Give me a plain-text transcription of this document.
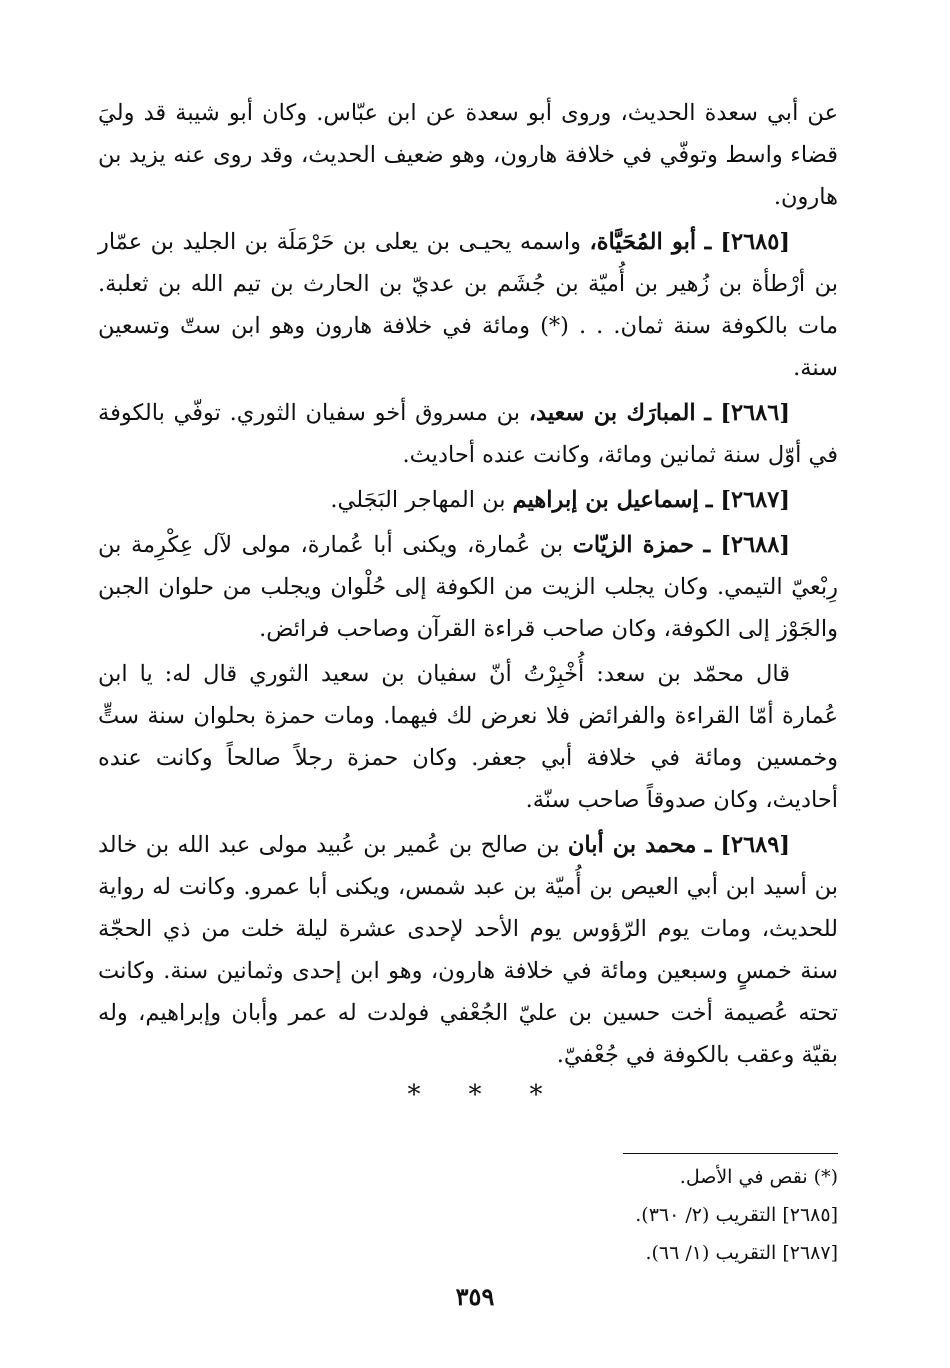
عن أبي سعدة الحديث، وروى أبو سعدة عن ابن عبّاس. وكان أبو شيبة قد وليَ قضاء واسط وتوفّي في خلافة هارون، وهو ضعيف الحديث، وقد روى عنه يزيد بن هارون.

[٢٦٨٥] ـ أبو المُحَيَّاة، واسمه يحيـى بن يعلى بن حَرْمَلَة بن الجليد بن عمّار بن أرْطأة بن زُهير بن أُميّة بن جُشَم بن عديّ بن الحارث بن تيم الله بن ثعلبة. مات بالكوفة سنة ثمان. . . (*) ومائة في خلافة هارون وهو ابن ستّ وتسعين سنة.

[٢٦٨٦] ـ المبارَك بن سعيد، بن مسروق أخو سفيان الثوري. توفّي بالكوفة في أوّل سنة ثمانين ومائة، وكانت عنده أحاديث.

[٢٦٨٧] ـ إسماعيل بن إبراهيم بن المهاجر البَجَلي.

[٢٦٨٨] ـ حمزة الزيّات بن عُمارة، ويكنى أبا عُمارة، مولى لآل عِكْرِمة بن رِبْعيّ التيمي. وكان يجلب الزيت من الكوفة إلى حُلْوان ويجلب من حلوان الجبن والجَوْز إلى الكوفة، وكان صاحب قراءة القرآن وصاحب فرائض.

قال محمّد بن سعد: أُخْبِرْتُ أنّ سفيان بن سعيد الثوري قال له: يا ابن عُمارة أمّا القراءة والفرائض فلا نعرض لك فيهما. ومات حمزة بحلوان سنة ستٍّ وخمسين ومائة في خلافة أبي جعفر. وكان حمزة رجلاً صالحاً وكانت عنده أحاديث، وكان صدوقاً صاحب سنّة.

[٢٦٨٩] ـ محمد بن أبان بن صالح بن عُمير بن عُبيد مولى عبد الله بن خالد بن أسيد ابن أبي العيص بن أُميّة بن عبد شمس، ويكنى أبا عمرو. وكانت له رواية للحديث، ومات يوم الرّؤوس يوم الأحد لإحدى عشرة ليلة خلت من ذي الحجّة سنة خمسٍ وسبعين ومائة في خلافة هارون، وهو ابن إحدى وثمانين سنة. وكانت تحته عُصيمة أخت حسين بن عليّ الجُعْفي فولدت له عمر وأبان وإبراهيم، وله بقيّة وعقب بالكوفة في جُعْفيّ.

* * *
(*) نقص في الأصل.
[٢٦٨٥] التقريب (٢/ ٣٦٠).
[٢٦٨٧] التقريب (١/ ٦٦).
٣٥٩
